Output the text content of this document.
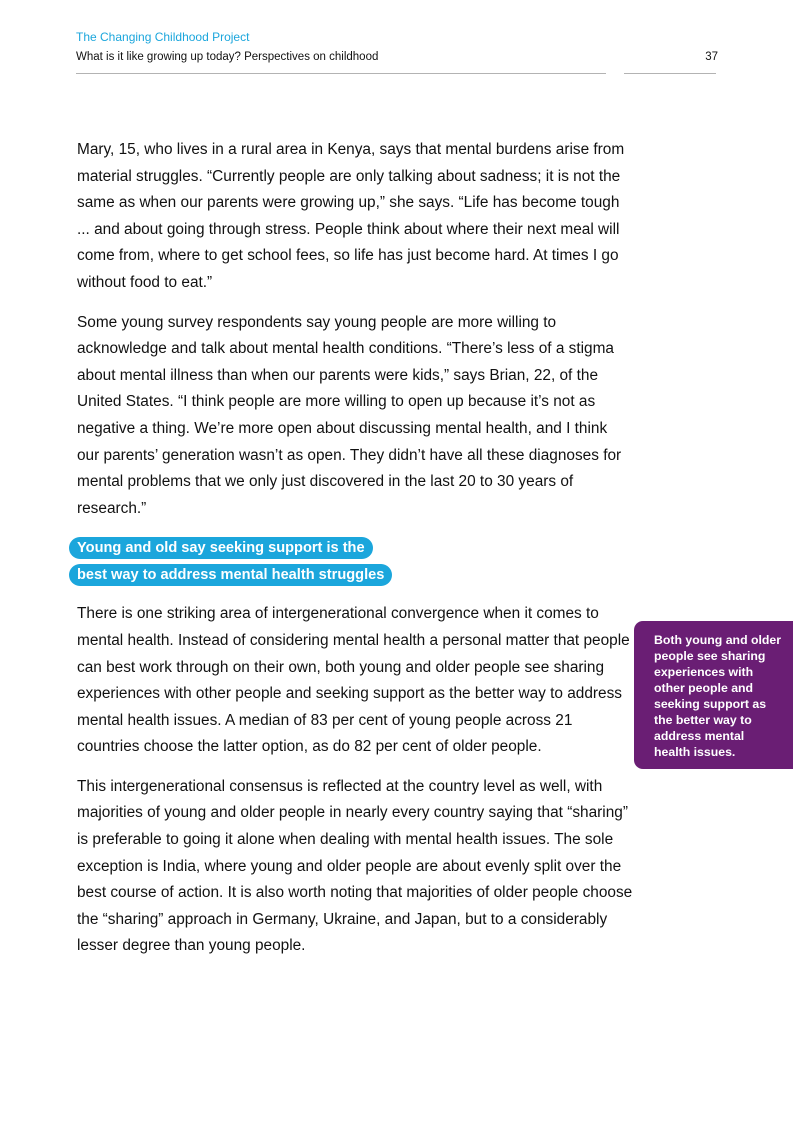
The Changing Childhood Project
What is it like growing up today? Perspectives on childhood	37

Mary, 15, who lives in a rural area in Kenya, says that mental burdens arise from material struggles. “Currently people are only talking about sadness; it is not the same as when our parents were growing up,” she says. “Life has become tough ... and about going through stress. People think about where their next meal will come from, where to get school fees, so life has just become hard. At times I go without food to eat.”

Some young survey respondents say young people are more willing to acknowledge and talk about mental health conditions. “There’s less of a stigma about mental illness than when our parents were kids,” says Brian, 22, of the United States. “I think people are more willing to open up because it’s not as negative a thing. We’re more open about discussing mental health, and I think our parents’ generation wasn’t as open. They didn’t have all these diagnoses for mental problems that we only just discovered in the last 20 to 30 years of research.”

Young and old say seeking support is the
best way to address mental health struggles

There is one striking area of intergenerational convergence when it comes to mental health. Instead of considering mental health a personal matter that people can best work through on their own, both young and older people see sharing experiences with other people and seeking support as the better way to address mental health issues. A median of 83 per cent of young people across 21 countries choose the latter option, as do 82 per cent of older people.

This intergenerational consensus is reflected at the country level as well, with majorities of young and older people in nearly every country saying that “sharing” is preferable to going it alone when dealing with mental health issues. The sole exception is India, where young and older people are about evenly split over the best course of action. It is also worth noting that majorities of older people choose the “sharing” approach in Germany, Ukraine, and Japan, but to a considerably lesser degree than young people.

Both young and older people see sharing experiences with other people and seeking support as the better way to address mental health issues.
